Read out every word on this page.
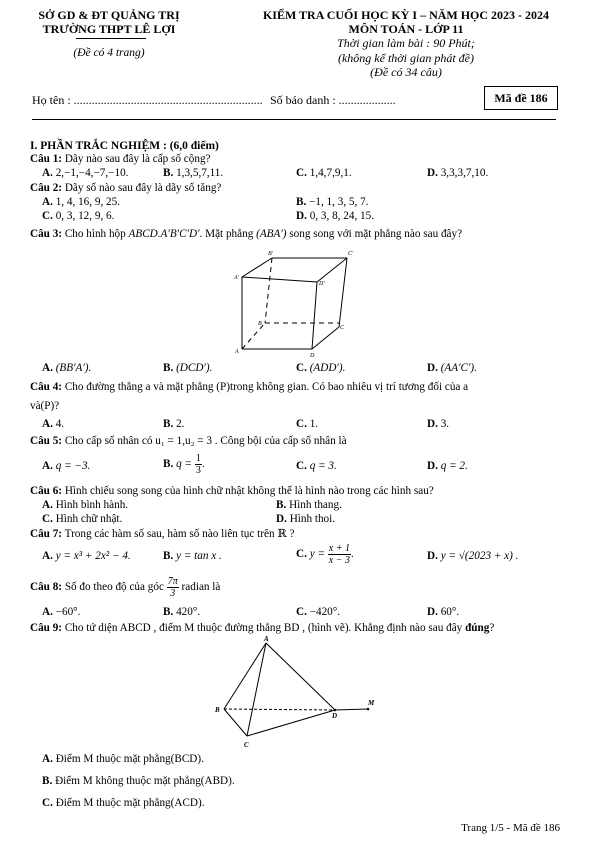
SỞ GD & ĐT QUẢNG TRỊ
TRƯỜNG THPT LÊ LỢI
(Đề có 4 trang)
KIỂM TRA CUỐI HỌC KỲ I – NĂM HỌC 2023 - 2024
MÔN TOÁN - LỚP 11
Thời gian làm bài : 90 Phút;
(không kể thời gian phát đề)
(Đề có 34 câu)
Họ tên : ............................................................... Số báo danh : ...................	Mã đề 186
I. PHẦN TRẮC NGHIỆM : (6,0 điểm)
Câu 1: Dãy nào sau đây là cấp số cộng?
A. 2,−1,−4,−7,−10.	B. 1,3,5,7,11.	C. 1,4,7,9,1.	D. 3,3,3,7,10.
Câu 2: Dãy số nào sau đây là dãy số tăng?
A. 1, 4, 16, 9, 25.	B. −1, 1, 3, 5, 7.
C. 0, 3, 12, 9, 6.	D. 0, 3, 8, 24, 15.
Câu 3: Cho hình hộp ABCD.A′B′C′D′. Mặt phẳng (ABA′) song song với mặt phẳng nào sau đây?
B'	C'
A'
D'
B
C
A
D
A. (BB′A′).	B. (DCD′).	C. (ADD′).	D. (AA′C′).
Câu 4: Cho đường thẳng a và mặt phẳng (P)trong không gian. Có bao nhiêu vị trí tương đối của a
và(P)?
A. 4.	B. 2.	C. 1.	D. 3.
Câu 5: Cho cấp số nhân có u₁ = 1,u₂ = 3 . Công bội của cấp số nhân là
A. q = −3.	B. $q = \frac{1}{3}$ .	C. q = 3.	D. q = 2.
Câu 6: Hình chiếu song song của hình chữ nhật không thể là hình nào trong các hình sau?
A. Hình bình hành.	B. Hình thang.
C. Hình chữ nhật.	D. Hình thoi.
Câu 7: Trong các hàm số sau, hàm số nào liên tục trên ℝ ?
A. y = x³ + 2x² − 4.	B. y = tan x .	C. $y = \frac{x + 1}{x - 3}$ .	D. y = √(2023 + x) .
Câu 8: Số đo theo độ của góc $\frac{7\pi}{3}$ radian là
A. −60°.	B. 420°.	C. −420°.	D. 60°.
Câu 9: Cho tứ diện ABCD , điểm M thuộc đường thẳng BD , (hình vẽ). Khẳng định nào sau đây đúng?
A
B
C
D
M
A. Điểm M thuộc mặt phẳng(BCD).
B. Điểm M không thuộc mặt phẳng(ABD).
C. Điểm M thuộc mặt phẳng(ACD).
Trang 1/5 - Mã đề 186
